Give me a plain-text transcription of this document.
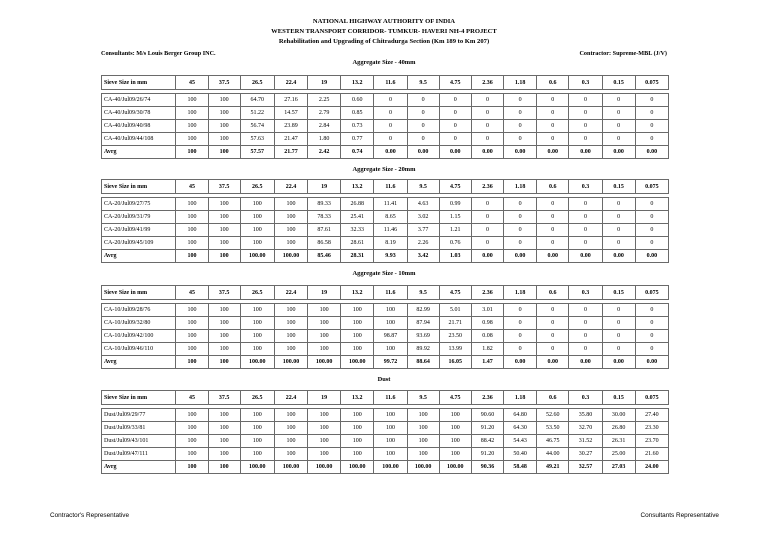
NATIONAL HIGHWAY AUTHORITY OF INDIA
WESTERN TRANSPORT CORRIDOR- TUMKUR- HAVERI NH-4 PROJECT
Rehabilitation and Upgrading of Chitradurga Section (Km 189 to Km 207)
Consultants: M/s Louis Berger Group INC.	Contractor: Supreme-MBL (J/V)
Aggregate Size - 40mm
Sieve Size in mm	45	37.5	26.5	22.4	19	13.2	11.6	9.5	4.75	2.36	1.18	0.6	0.3	0.15	0.075

CA-40/Jul09/26/74	100	100	64.70	27.16	2.25	0.60	0	0	0	0	0	0	0	0	0
CA-40/Jul09/30/78	100	100	51.22	14.57	2.79	0.85	0	0	0	0	0	0	0	0	0
CA-40/Jul09/40/98	100	100	56.74	23.89	2.84	0.73	0	0	0	0	0	0	0	0	0
CA-40/Jul09/44/108	100	100	57.63	21.47	1.80	0.77	0	0	0	0	0	0	0	0	0
Avrg	100	100	57.57	21.77	2.42	0.74	0.00	0.00	0.00	0.00	0.00	0.00	0.00	0.00	0.00
Aggregate Size - 20mm
Sieve Size in mm	45	37.5	26.5	22.4	19	13.2	11.6	9.5	4.75	2.36	1.18	0.6	0.3	0.15	0.075

CA-20/Jul09/27/75	100	100	100	100	89.33	26.88	11.41	4.63	0.99	0	0	0	0	0	0
CA-20/Jul09/31/79	100	100	100	100	78.33	25.41	8.65	3.02	1.15	0	0	0	0	0	0
CA-20/Jul09/41/99	100	100	100	100	87.61	32.33	11.46	3.77	1.21	0	0	0	0	0	0
CA-20/Jul09/45/109	100	100	100	100	86.58	28.61	8.19	2.26	0.76	0	0	0	0	0	0
Avrg	100	100	100.00	100.00	85.46	28.31	9.93	3.42	1.03	0.00	0.00	0.00	0.00	0.00	0.00
Aggregate Size - 10mm
Sieve Size in mm	45	37.5	26.5	22.4	19	13.2	11.6	9.5	4.75	2.36	1.18	0.6	0.3	0.15	0.075

CA-10/Jul09/28/76	100	100	100	100	100	100	100	82.99	5.01	3.01	0	0	0	0	0
CA-10/Jul09/32/80	100	100	100	100	100	100	100	87.94	21.71	0.98	0	0	0	0	0
CA-10/Jul09/42/100	100	100	100	100	100	100	98.87	93.69	23.50	0.08	0	0	0	0	0
CA-10/Jul09/46/110	100	100	100	100	100	100	100	89.92	13.99	1.82	0	0	0	0	0
Avrg	100	100	100.00	100.00	100.00	100.00	99.72	88.64	16.05	1.47	0.00	0.00	0.00	0.00	0.00
Dust
Sieve Size in mm	45	37.5	26.5	22.4	19	13.2	11.6	9.5	4.75	2.36	1.18	0.6	0.3	0.15	0.075

Dust/Jul09/29/77	100	100	100	100	100	100	100	100	100	90.60	64.80	52.60	35.80	30.00	27.40
Dust/Jul09/33/81	100	100	100	100	100	100	100	100	100	91.20	64.30	53.50	32.70	26.80	23.30
Dust/Jul09/43/101	100	100	100	100	100	100	100	100	100	88.42	54.43	46.75	31.52	26.31	23.70
Dust/Jul09/47/111	100	100	100	100	100	100	100	100	100	91.20	50.40	44.00	30.27	25.00	21.60
Avrg	100	100	100.00	100.00	100.00	100.00	100.00	100.00	100.00	90.36	58.48	49.21	32.57	27.03	24.00
Contractor's Representative	Consultants Representative
